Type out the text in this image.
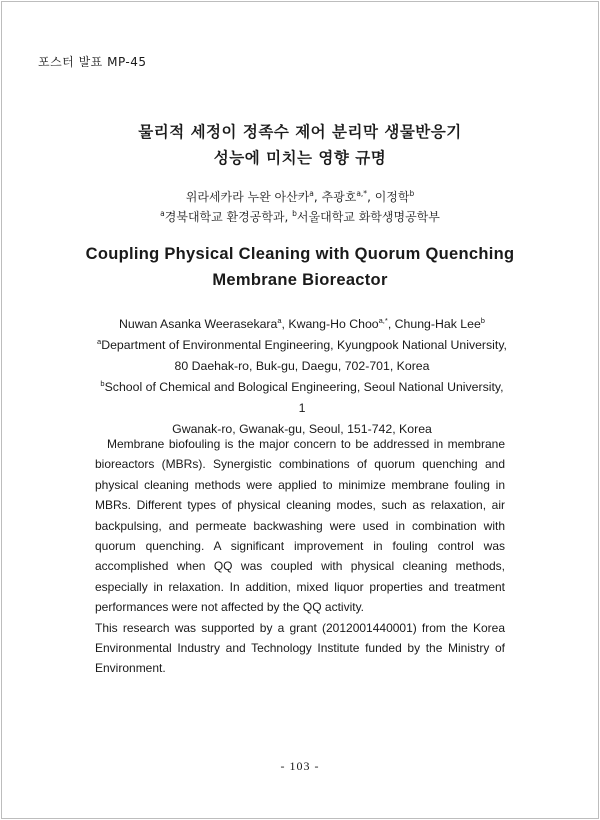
포스터 발표 MP-45
물리적 세정이 정족수 제어 분리막 생물반응기
성능에 미치는 영향 규명
위라세카라 누완 아산카$^a$, 추광호$^{a,*}$, 이정학$^b$
$^a$경북대학교 환경공학과, $^b$서울대학교 화학생명공학부
Coupling Physical Cleaning with Quorum Quenching
Membrane Bioreactor
Nuwan Asanka Weerasekara$^a$, Kwang-Ho Choo$^{a,*}$, Chung-Hak Lee$^b$
$^a$Department of Environmental Engineering, Kyungpook National University,
80 Daehak-ro, Buk-gu, Daegu, 702-701, Korea
$^b$School of Chemical and Bological Engineering, Seoul National University, 1
Gwanak-ro, Gwanak-gu, Seoul, 151-742, Korea

Membrane biofouling is the major concern to be addressed in membrane bioreactors (MBRs). Synergistic combinations of quorum quenching and physical cleaning methods were applied to minimize membrane fouling in MBRs. Different types of physical cleaning modes, such as relaxation, air backpulsing, and permeate backwashing were used in combination with quorum quenching. A significant improvement in fouling control was accomplished when QQ was coupled with physical cleaning methods, especially in relaxation. In addition, mixed liquor properties and treatment performances were not affected by the QQ activity.

This research was supported by a grant (2012001440001) from the Korea Environmental Industry and Technology Institute funded by the Ministry of Environment.

- 103 -
